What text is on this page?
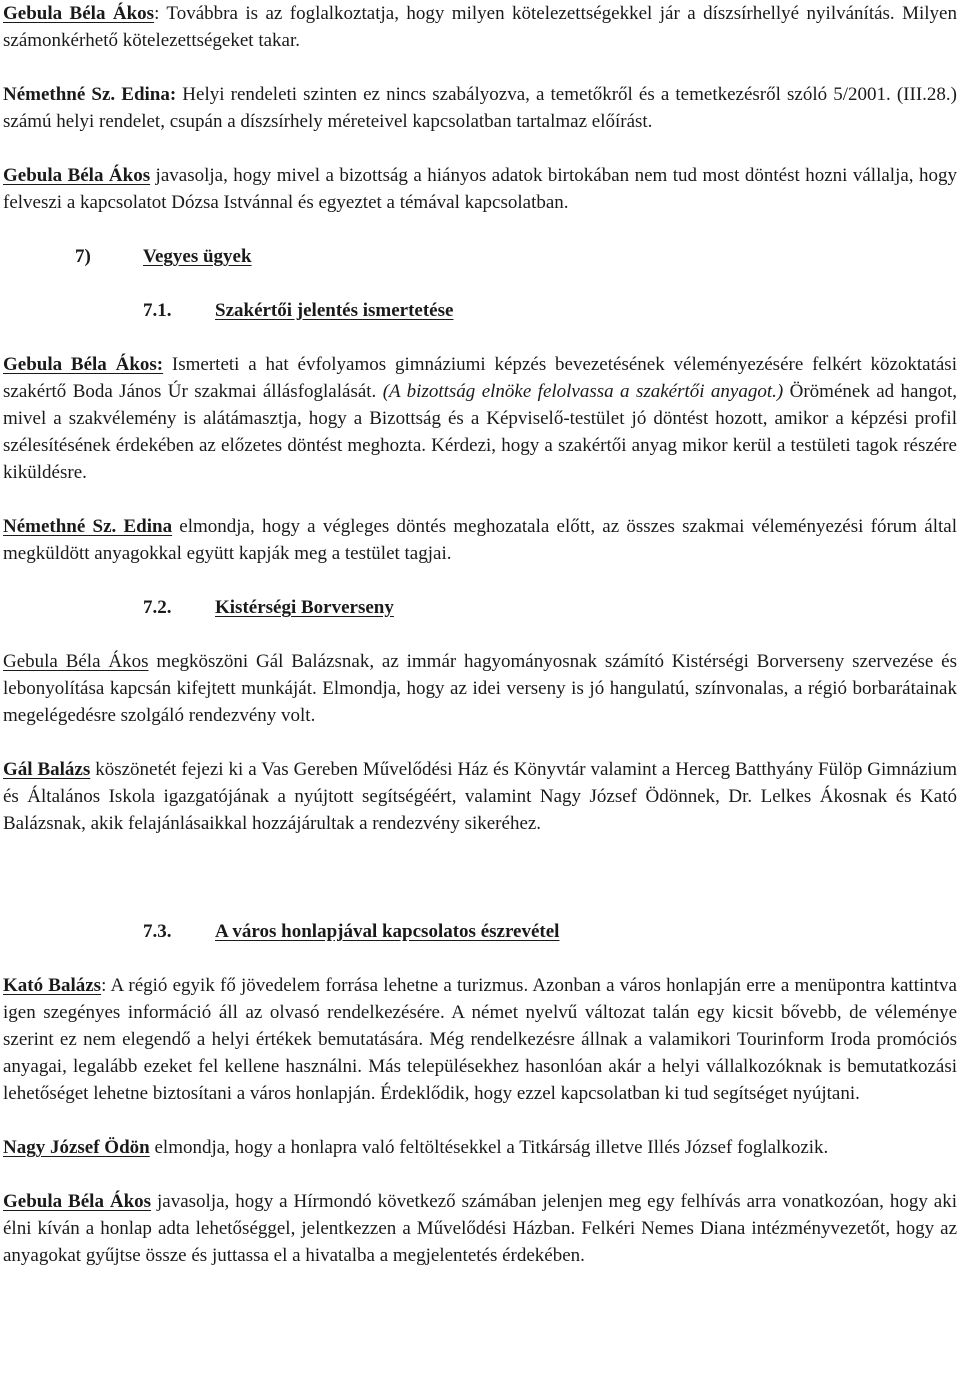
Gebula Béla Ákos: Továbbra is az foglalkoztatja, hogy milyen kötelezettségekkel jár a díszsírhellyé nyilvánítás. Milyen számonkérhető kötelezettségeket takar.

Némethné Sz. Edina: Helyi rendeleti szinten ez nincs szabályozva, a temetőkről és a temetkezésről szóló 5/2001. (III.28.) számú helyi rendelet, csupán a díszsírhely méreteivel kapcsolatban tartalmaz előírást.

Gebula Béla Ákos javasolja, hogy mivel a bizottság a hiányos adatok birtokában nem tud most döntést hozni vállalja, hogy felveszi a kapcsolatot Dózsa Istvánnal és egyeztet a témával kapcsolatban.

7)	Vegyes ügyek

7.1. Szakértői jelentés ismertetése

Gebula Béla Ákos: Ismerteti a hat évfolyamos gimnáziumi képzés bevezetésének véleményezésére felkért közoktatási szakértő Boda János Úr szakmai állásfoglalását. (A bizottság elnöke felolvassa a szakértői anyagot.) Örömének ad hangot, mivel a szakvélemény is alátámasztja, hogy a Bizottság és a Képviselő-testület jó döntést hozott, amikor a képzési profil szélesítésének érdekében az előzetes döntést meghozta. Kérdezi, hogy a szakértői anyag mikor kerül a testületi tagok részére kiküldésre.

Némethné Sz. Edina elmondja, hogy a végleges döntés meghozatala előtt, az összes szakmai véleményezési fórum által megküldött anyagokkal együtt kapják meg a testület tagjai.

7.2. Kistérségi Borverseny

Gebula Béla Ákos megköszöni Gál Balázsnak, az immár hagyományosnak számító Kistérségi Borverseny szervezése és lebonyolítása kapcsán kifejtett munkáját. Elmondja, hogy az idei verseny is jó hangulatú, színvonalas, a régió borbarátainak megelégedésre szolgáló rendezvény volt.

Gál Balázs köszönetét fejezi ki a Vas Gereben Művelődési Ház és Könyvtár valamint a Herceg Batthyány Fülöp Gimnázium és Általános Iskola igazgatójának a nyújtott segítségéért, valamint Nagy József Ödönnek, Dr. Lelkes Ákosnak és Kató Balázsnak, akik felajánlásaikkal hozzájárultak a rendezvény sikeréhez.

7.3. A város honlapjával kapcsolatos észrevétel

Kató Balázs: A régió egyik fő jövedelem forrása lehetne a turizmus. Azonban a város honlapján erre a menüpontra kattintva igen szegényes információ áll az olvasó rendelkezésére. A német nyelvű változat talán egy kicsit bővebb, de véleménye szerint ez nem elegendő a helyi értékek bemutatására. Még rendelkezésre állnak a valamikori Tourinform Iroda promóciós anyagai, legalább ezeket fel kellene használni. Más településekhez hasonlóan akár a helyi vállalkozóknak is bemutatkozási lehetőséget lehetne biztosítani a város honlapján. Érdeklődik, hogy ezzel kapcsolatban ki tud segítséget nyújtani.

Nagy József Ödön elmondja, hogy a honlapra való feltöltésekkel a Titkárság illetve Illés József foglalkozik.

Gebula Béla Ákos javasolja, hogy a Hírmondó következő számában jelenjen meg egy felhívás arra vonatkozóan, hogy aki élni kíván a honlap adta lehetőséggel, jelentkezzen a Művelődési Házban. Felkéri Nemes Diana intézményvezetőt, hogy az anyagokat gyűjtse össze és juttassa el a hivatalba a megjelentetés érdekében.
